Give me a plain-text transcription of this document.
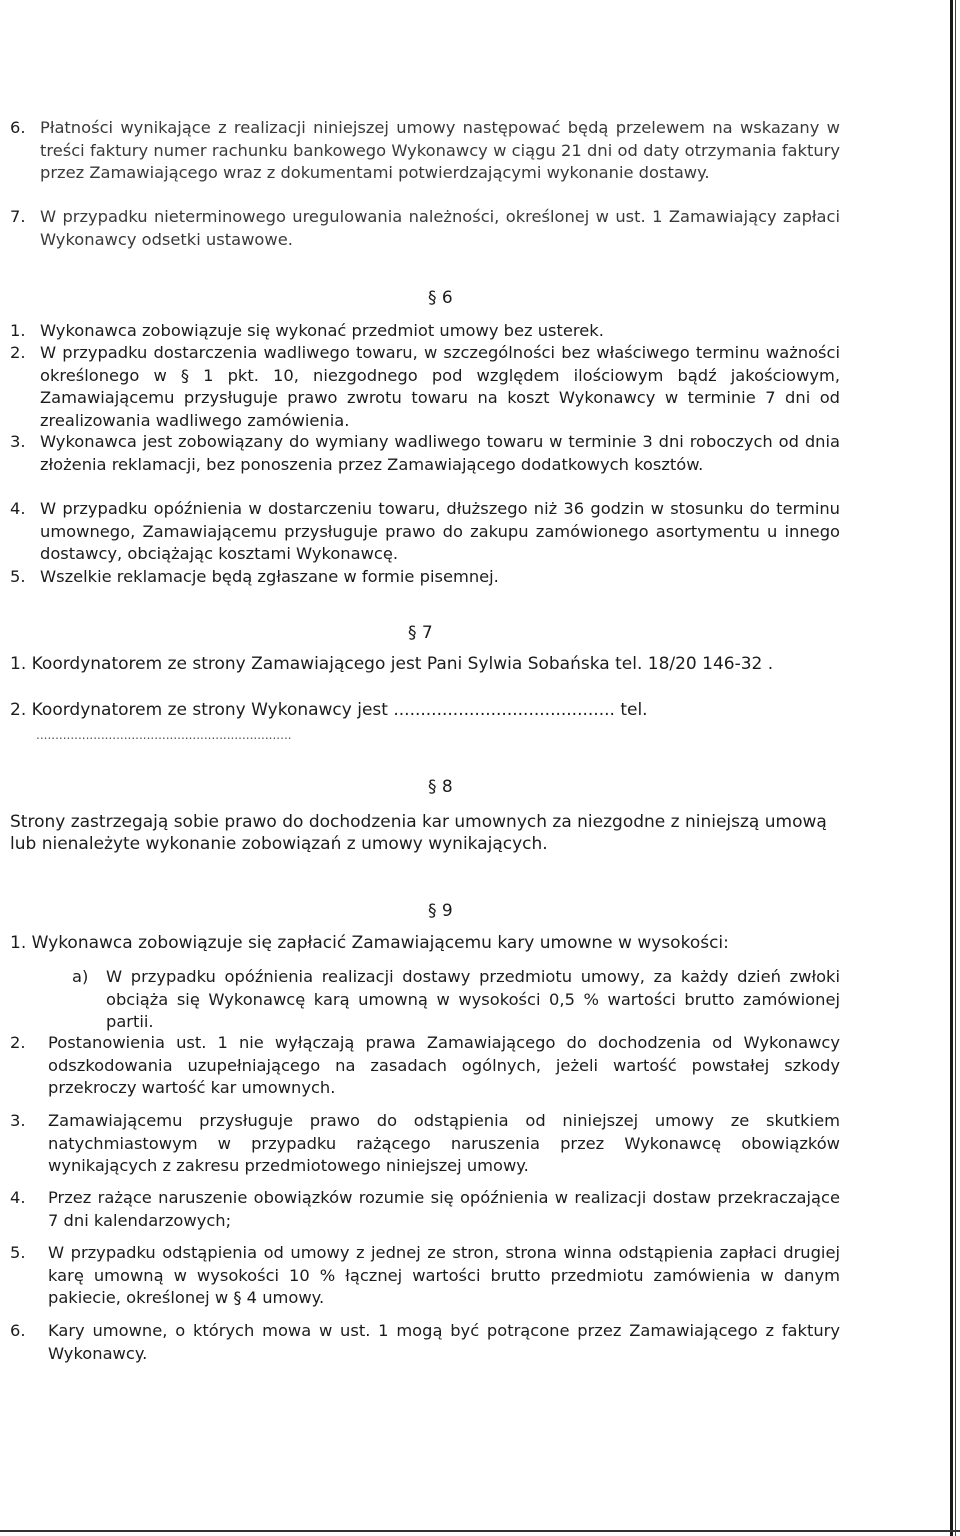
6. Płatności wynikające z realizacji niniejszej umowy następować będą przelewem na wskazany w treści faktury numer rachunku bankowego Wykonawcy w ciągu 21 dni od daty otrzymania faktury przez Zamawiającego wraz z dokumentami potwierdzającymi wykonanie dostawy.
7. W przypadku nieterminowego uregulowania należności, określonej w ust. 1 Zamawiający zapłaci Wykonawcy odsetki ustawowe.
§ 6
1. Wykonawca zobowiązuje się wykonać przedmiot umowy bez usterek.
2. W przypadku dostarczenia wadliwego towaru, w szczególności bez właściwego terminu ważności określonego w § 1 pkt. 10, niezgodnego pod względem ilościowym bądź jakościowym, Zamawiającemu przysługuje prawo zwrotu towaru na koszt Wykonawcy w terminie 7 dni od zrealizowania wadliwego zamówienia.
3. Wykonawca jest zobowiązany do wymiany wadliwego towaru w terminie 3 dni roboczych od dnia złożenia reklamacji, bez ponoszenia przez Zamawiającego dodatkowych kosztów.
4. W przypadku opóźnienia w dostarczeniu towaru, dłuższego niż 36 godzin w stosunku do terminu umownego, Zamawiającemu przysługuje prawo do zakupu zamówionego asortymentu u innego dostawcy, obciążając kosztami Wykonawcę.
5. Wszelkie reklamacje będą zgłaszane w formie pisemnej.
§ 7
1. Koordynatorem ze strony Zamawiającego jest Pani Sylwia Sobańska tel. 18/20 146-32 .
2. Koordynatorem ze strony Wykonawcy jest ......................................... tel.
...................................................................
§ 8
Strony zastrzegają sobie prawo do dochodzenia kar umownych za niezgodne z niniejszą umową lub nienależyte wykonanie zobowiązań z umowy wynikających.
§ 9
1. Wykonawca zobowiązuje się zapłacić Zamawiającemu kary umowne w wysokości:
a) W przypadku opóźnienia realizacji dostawy przedmiotu umowy, za każdy dzień zwłoki obciąża się Wykonawcę karą umowną w wysokości 0,5 % wartości brutto zamówionej partii.
2. Postanowienia ust. 1 nie wyłączają prawa Zamawiającego do dochodzenia od Wykonawcy odszkodowania uzupełniającego na zasadach ogólnych, jeżeli wartość powstałej szkody przekroczy wartość kar umownych.
3. Zamawiającemu przysługuje prawo do odstąpienia od niniejszej umowy ze skutkiem natychmiastowym w przypadku rażącego naruszenia przez Wykonawcę obowiązków wynikających z zakresu przedmiotowego niniejszej umowy.
4. Przez rażące naruszenie obowiązków rozumie się opóźnienia w realizacji dostaw przekraczające 7 dni kalendarzowych;
5. W przypadku odstąpienia od umowy z jednej ze stron, strona winna odstąpienia zapłaci drugiej karę umowną w wysokości 10 % łącznej wartości brutto przedmiotu zamówienia w danym pakiecie, określonej w § 4 umowy.
6. Kary umowne, o których mowa w ust. 1 mogą być potrącone przez Zamawiającego z faktury Wykonawcy.
